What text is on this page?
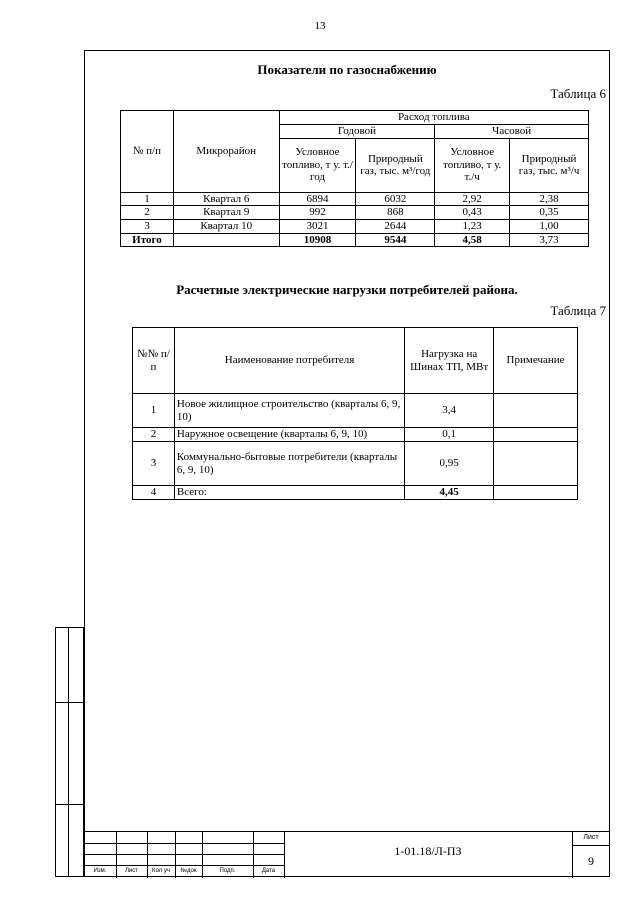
13
Показатели по газоснабжению
Таблица 6
№ п/п	Микрорайон	Расход топлива			
		Годовой		Часовой	
		Условное топливо, т у. т./год	Природный газ, тыс. м³/год	Условное топливо, т у. т./ч	Природный газ, тыс. м³/ч
1	Квартал 6	6894	6032	2,92	2,38
2	Квартал 9	992	868	0,43	0,35
3	Квартал 10	3021	2644	1,23	1,00
Итого		10908	9544	4,58	3,73
Расчетные электрические нагрузки потребителей района.
Таблица 7
№№ п/п	Наименование потребителя	Нагрузка на Шинах ТП, МВт	Примечание
1	Новое жилищное строительство (кварталы 6, 9, 10)	3,4	
2	Наружное освещение (кварталы 6, 9, 10)	0,1	
3	Коммунально-бытовые потребители (кварталы 6, 9, 10)	0,95	
4	Всего:	4,45	
Изм.	Лист	Кол уч	№док	Подп.	Дата
1-01.18/Л-ПЗ
Лист
9
